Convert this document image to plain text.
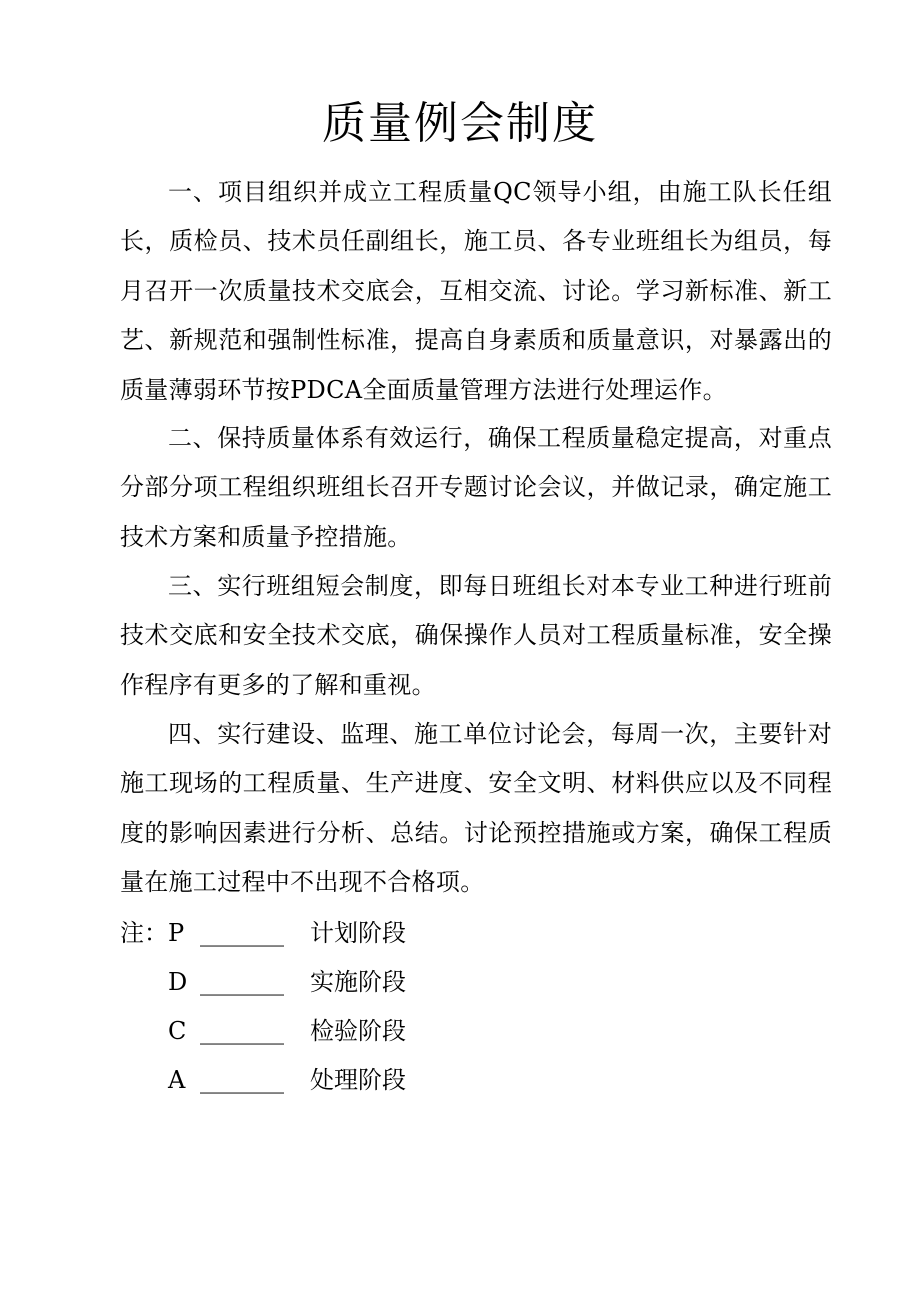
质量例会制度

一、项目组织并成立工程质量QC领导小组，由施工队长任组长，质检员、技术员任副组长，施工员、各专业班组长为组员，每月召开一次质量技术交底会，互相交流、讨论。学习新标准、新工艺、新规范和强制性标准，提高自身素质和质量意识，对暴露出的质量薄弱环节按PDCA全面质量管理方法进行处理运作。

二、保持质量体系有效运行，确保工程质量稳定提高，对重点分部分项工程组织班组长召开专题讨论会议，并做记录，确定施工技术方案和质量予控措施。

三、实行班组短会制度，即每日班组长对本专业工种进行班前技术交底和安全技术交底，确保操作人员对工程质量标准，安全操作程序有更多的了解和重视。

四、实行建设、监理、施工单位讨论会，每周一次，主要针对施工现场的工程质量、生产进度、安全文明、材料供应以及不同程度的影响因素进行分析、总结。讨论预控措施或方案，确保工程质量在施工过程中不出现不合格项。

注：P _______ 计划阶段
D _______ 实施阶段
C _______ 检验阶段
A _______ 处理阶段
